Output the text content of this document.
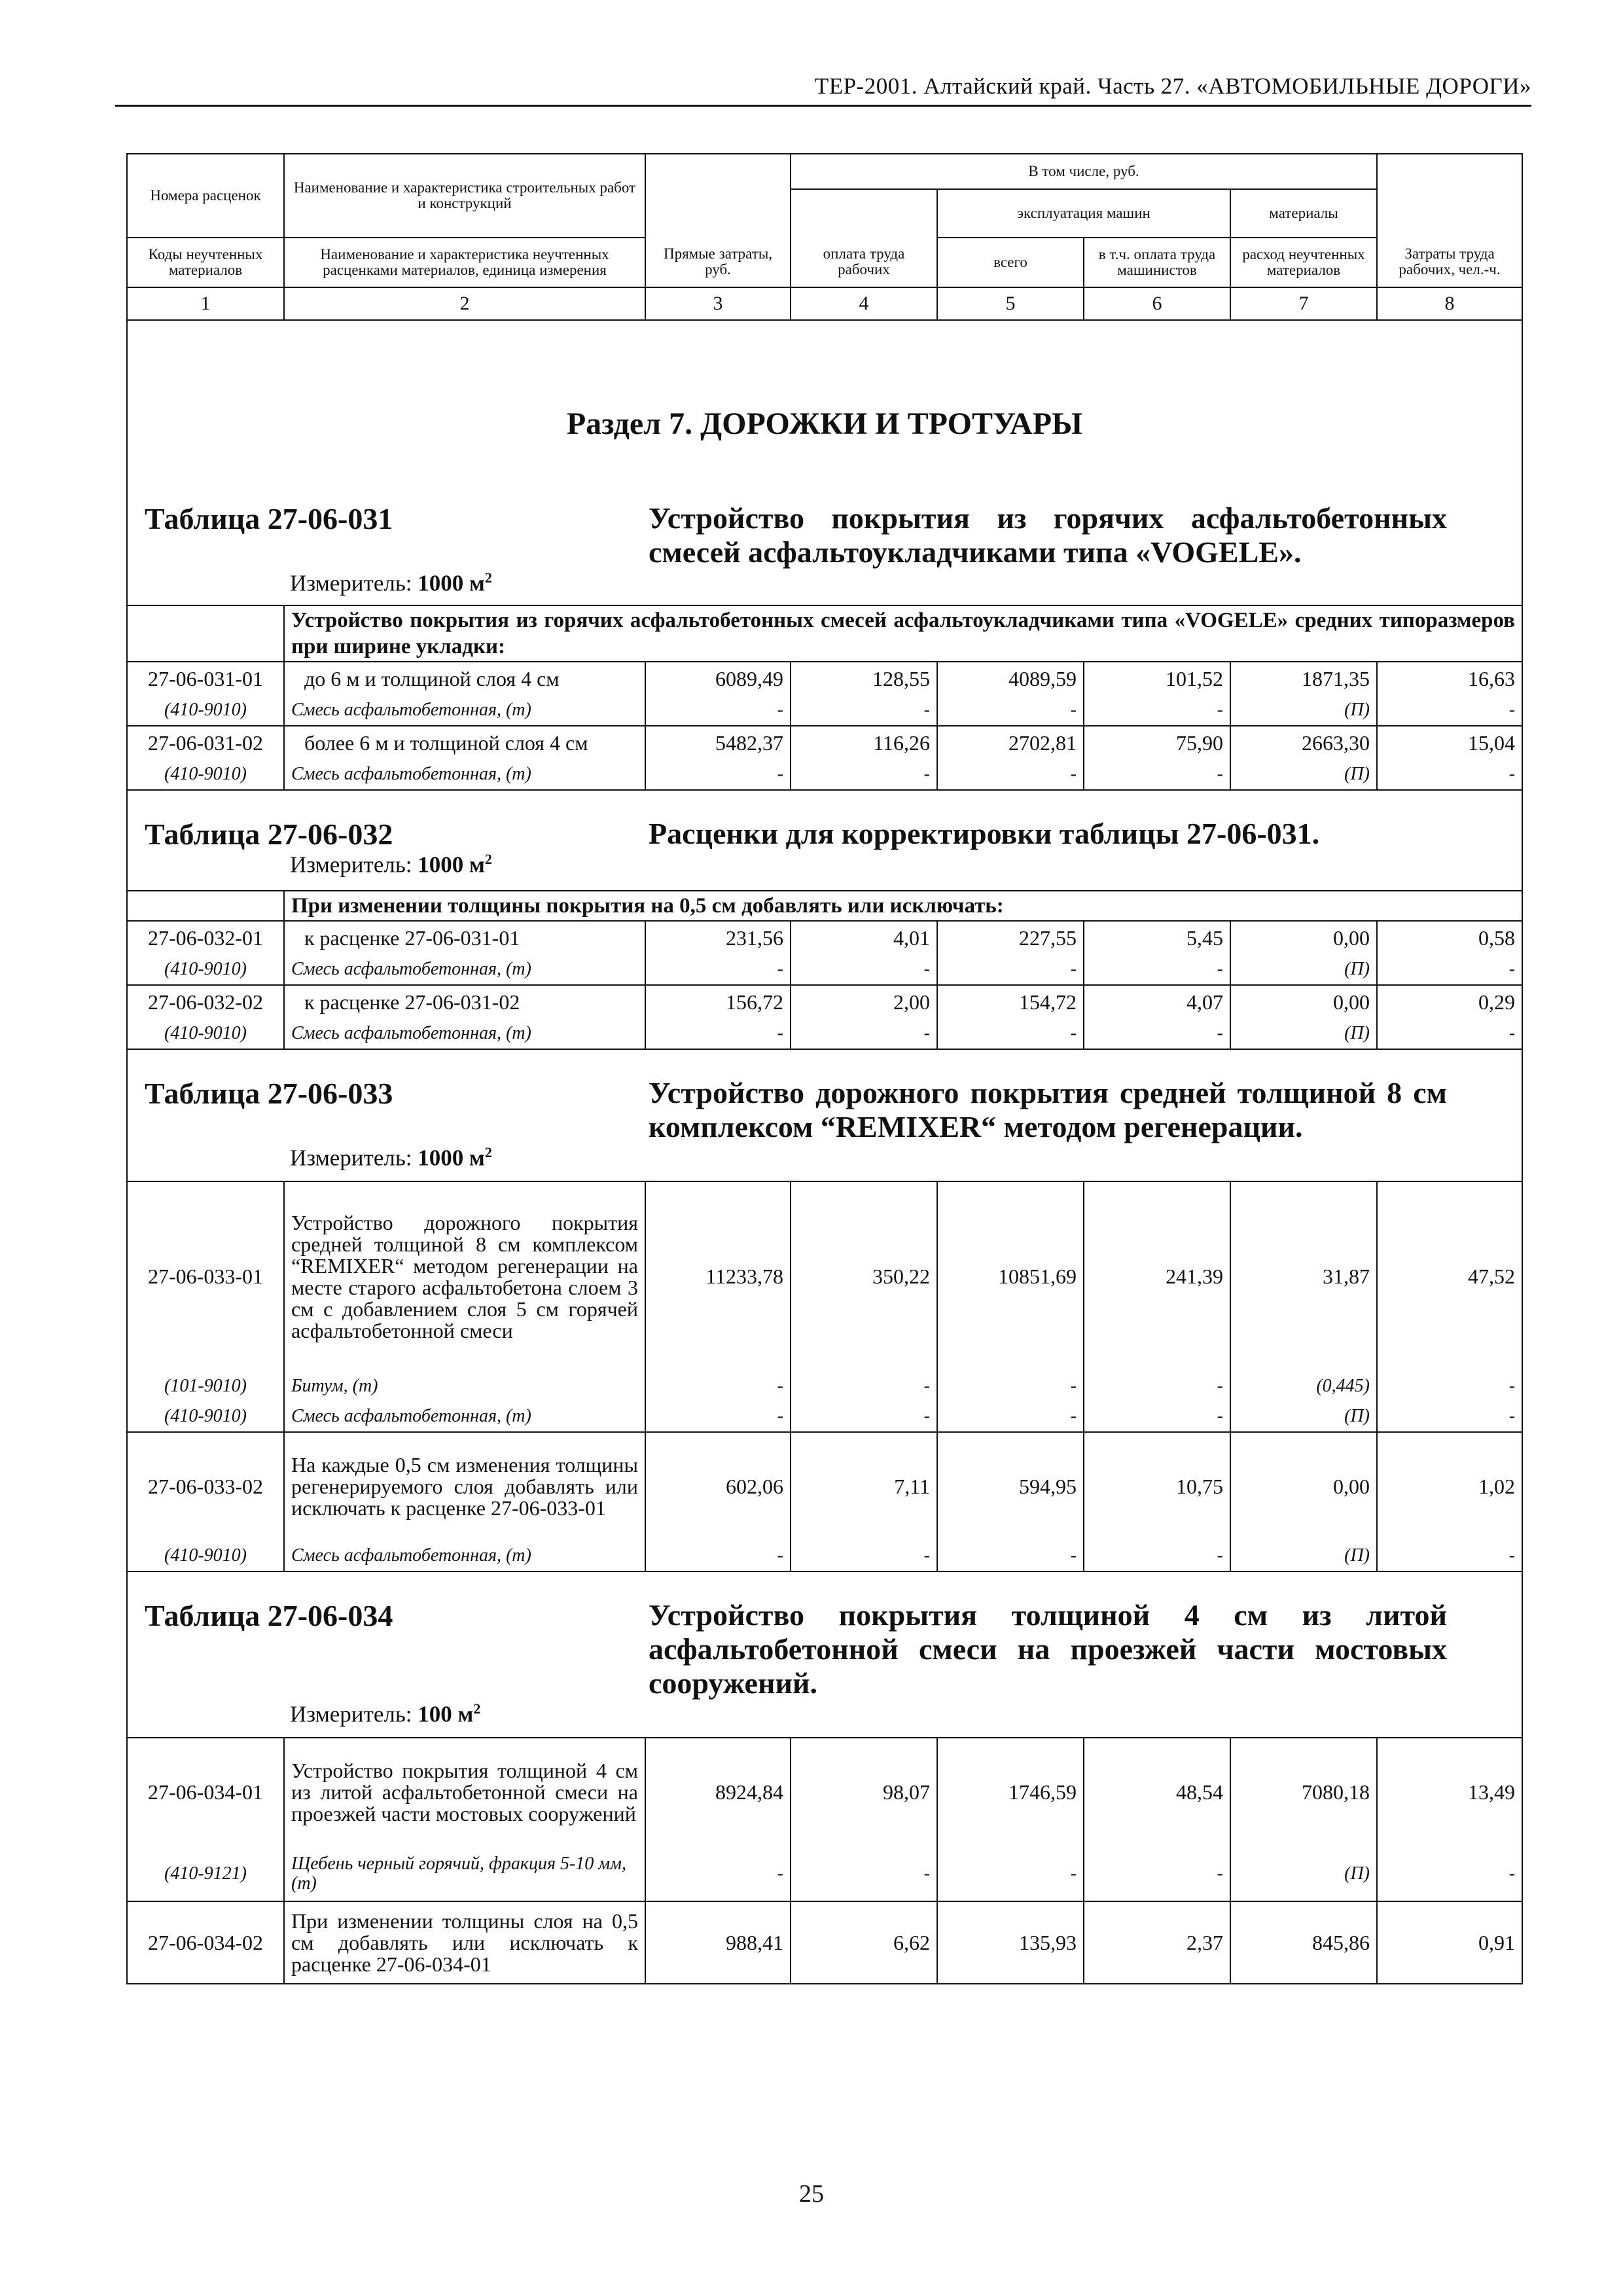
ТЕР-2001. Алтайский край. Часть 27. «АВТОМОБИЛЬНЫЕ ДОРОГИ»
Номера расценок	Наименование и характеристика строительных работ и конструкций	Прямые затраты, руб.	В том числе, руб.				Затраты труда рабочих, чел.-ч.
			оплата труда рабочих	эксплуатация машин		материалы	
Коды неучтенных материалов	Наименование и характеристика неучтенных расценками материалов, единица измерения			всего	в т.ч. оплата труда машинистов	расход неучтенных материалов	

1	2	3	4	5	6	7	8

Раздел 7. ДОРОЖКИ И ТРОТУАРЫ
Таблица 27-06-031 Устройство покрытия из горячих асфальтобетонных смесей асфальтоукладчиками типа «VOGELE».
Измеритель: 1000 $м^2$

	Устройство покрытия из горячих асфальтобетонных смесей асфальтоукладчиками типа «VOGELE» средних типоразмеров при ширине укладки:						
27-06-031-01	до 6 м и толщиной слоя 4 см	6089,49	128,55	4089,59	101,52	1871,35	16,63
(410-9010)	Смесь асфальтобетонная, (т)	-	-	-	-	(П)	-
27-06-031-02	более 6 м и толщиной слоя 4 см	5482,37	116,26	2702,81	75,90	2663,30	15,04
(410-9010)	Смесь асфальтобетонная, (т)	-	-	-	-	(П)	-

Таблица 27-06-032 Расценки для корректировки таблицы 27-06-031.
Измеритель: 1000 $м^2$

	При изменении толщины покрытия на 0,5 см добавлять или исключать:						
27-06-032-01	к расценке 27-06-031-01	231,56	4,01	227,55	5,45	0,00	0,58
(410-9010)	Смесь асфальтобетонная, (т)	-	-	-	-	(П)	-
27-06-032-02	к расценке 27-06-031-02	156,72	2,00	154,72	4,07	0,00	0,29
(410-9010)	Смесь асфальтобетонная, (т)	-	-	-	-	(П)	-

Таблица 27-06-033 Устройство дорожного покрытия средней толщиной 8 см комплексом “REMIXER“ методом регенерации.
Измеритель: 1000 $м^2$

27-06-033-01	Устройство дорожного покрытия средней толщиной 8 см комплексом “REMIXER“ методом регенерации на месте старого асфальтобетона слоем 3 см с добавлением слоя 5 см горячей асфальтобетонной смеси	11233,78	350,22	10851,69	241,39	31,87	47,52
(101-9010)	Битум, (т)	-	-	-	-	(0,445)	-
(410-9010)	Смесь асфальтобетонная, (т)	-	-	-	-	(П)	-
27-06-033-02	На каждые 0,5 см изменения толщины регенерируемого слоя добавлять или исключать к расценке 27-06-033-01	602,06	7,11	594,95	10,75	0,00	1,02
(410-9010)	Смесь асфальтобетонная, (т)	-	-	-	-	(П)	-

Таблица 27-06-034 Устройство покрытия толщиной 4 см из литой асфальтобетонной смеси на проезжей части мостовых сооружений.
Измеритель: 100 $м^2$

27-06-034-01	Устройство покрытия толщиной 4 см из литой асфальтобетонной смеси на проезжей части мостовых сооружений	8924,84	98,07	1746,59	48,54	7080,18	13,49
(410-9121)	Щебень черный горячий, фракция 5-10 мм, (т)	-	-	-	-	(П)	-
27-06-034-02	При изменении толщины слоя на 0,5 см добавлять или исключать к расценке 27-06-034-01	988,41	6,62	135,93	2,37	845,86	0,91
25
